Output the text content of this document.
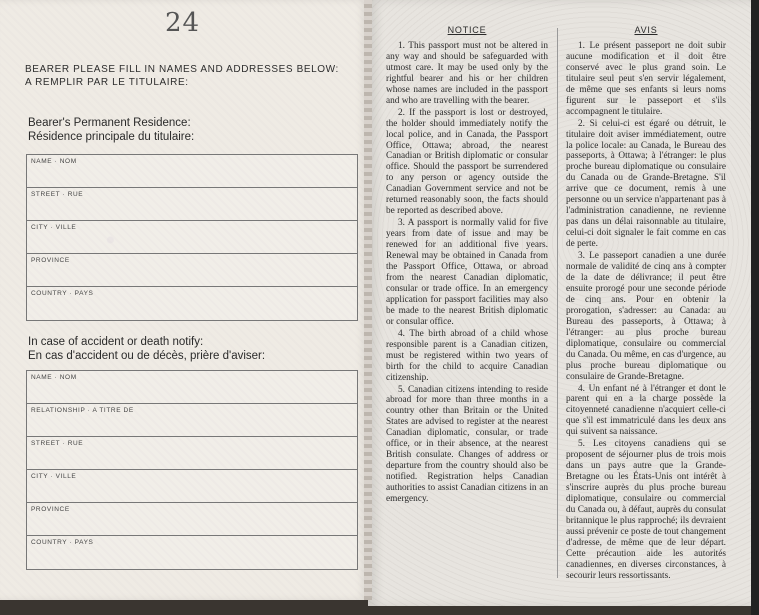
24
BEARER PLEASE FILL IN NAMES AND ADDRESSES BELOW:
A REMPLIR PAR LE TITULAIRE:
Bearer's Permanent Residence:
Résidence principale du titulaire:
NAME · NOM
STREET · RUE
CITY · VILLE
PROVINCE
COUNTRY · PAYS
In case of accident or death notify:
En cas d'accident ou de décès, prière d'aviser:
NAME · NOM
RELATIONSHIP · A TITRE DE
STREET · RUE
CITY · VILLE
PROVINCE
COUNTRY · PAYS
NOTICE

1. This passport must not be altered in any way and should be safeguarded with utmost care. It may be used only by the rightful bearer and his or her children whose names are included in the passport and who are travelling with the bearer.

2. If the passport is lost or destroyed, the holder should immediately notify the local police, and in Canada, the Passport Office, Ottawa; abroad, the nearest Canadian or British diplomatic or consular office. Should the passport be surrendered to any person or agency outside the Canadian Government service and not be returned reasonably soon, the facts should be reported as described above.

3. A passport is normally valid for five years from date of issue and may be renewed for an additional five years. Renewal may be obtained in Canada from the Passport Office, Ottawa, or abroad from the nearest Canadian diplomatic, consular or trade office. In an emergency application for passport facilities may also be made to the nearest British diplomatic or consular office.

4. The birth abroad of a child whose responsible parent is a Canadian citizen, must be registered within two years of birth for the child to acquire Canadian citizenship.

5. Canadian citizens intending to reside abroad for more than three months in a country other than Britain or the United States are advised to register at the nearest Canadian diplomatic, consular, or trade office, or in their absence, at the nearest British consulate. Changes of address or departure from the country should also be notified. Registration helps Canadian authorities to assist Canadian citizens in an emergency.

AVIS

1. Le présent passeport ne doit subir aucune modification et il doit être conservé avec le plus grand soin. Le titulaire seul peut s'en servir légalement, de même que ses enfants si leurs noms figurent sur le passeport et s'ils accompagnent le titulaire.

2. Si celui-ci est égaré ou détruit, le titulaire doit aviser immédiatement, outre la police locale: au Canada, le Bureau des passeports, à Ottawa; à l'étranger: le plus proche bureau diplomatique ou consulaire du Canada ou de Grande-Bretagne. S'il arrive que ce document, remis à une personne ou un service n'appartenant pas à l'administration canadienne, ne revienne pas dans un délai raisonnable au titulaire, celui-ci doit signaler le fait comme en cas de perte.

3. Le passeport canadien a une durée normale de validité de cinq ans à compter de la date de délivrance; il peut être ensuite prorogé pour une seconde période de cinq ans. Pour en obtenir la prorogation, s'adresser: au Canada: au Bureau des passeports, à Ottawa; à l'étranger: au plus proche bureau diplomatique, consulaire ou commercial du Canada. Ou même, en cas d'urgence, au plus proche bureau diplomatique ou consulaire de Grande-Bretagne.

4. Un enfant né à l'étranger et dont le parent qui en a la charge possède la citoyenneté canadienne n'acquiert celle-ci que s'il est immatriculé dans les deux ans qui suivent sa naissance.

5. Les citoyens canadiens qui se proposent de séjourner plus de trois mois dans un pays autre que la Grande-Bretagne ou les États-Unis ont intérêt à s'inscrire auprès du plus proche bureau diplomatique, consulaire ou commercial du Canada ou, à défaut, auprès du consulat britannique le plus rapproché; ils devraient aussi prévenir ce poste de tout changement d'adresse, de même que de leur départ. Cette précaution aide les autorités canadiennes, en diverses circonstances, à secourir leurs ressortissants.
